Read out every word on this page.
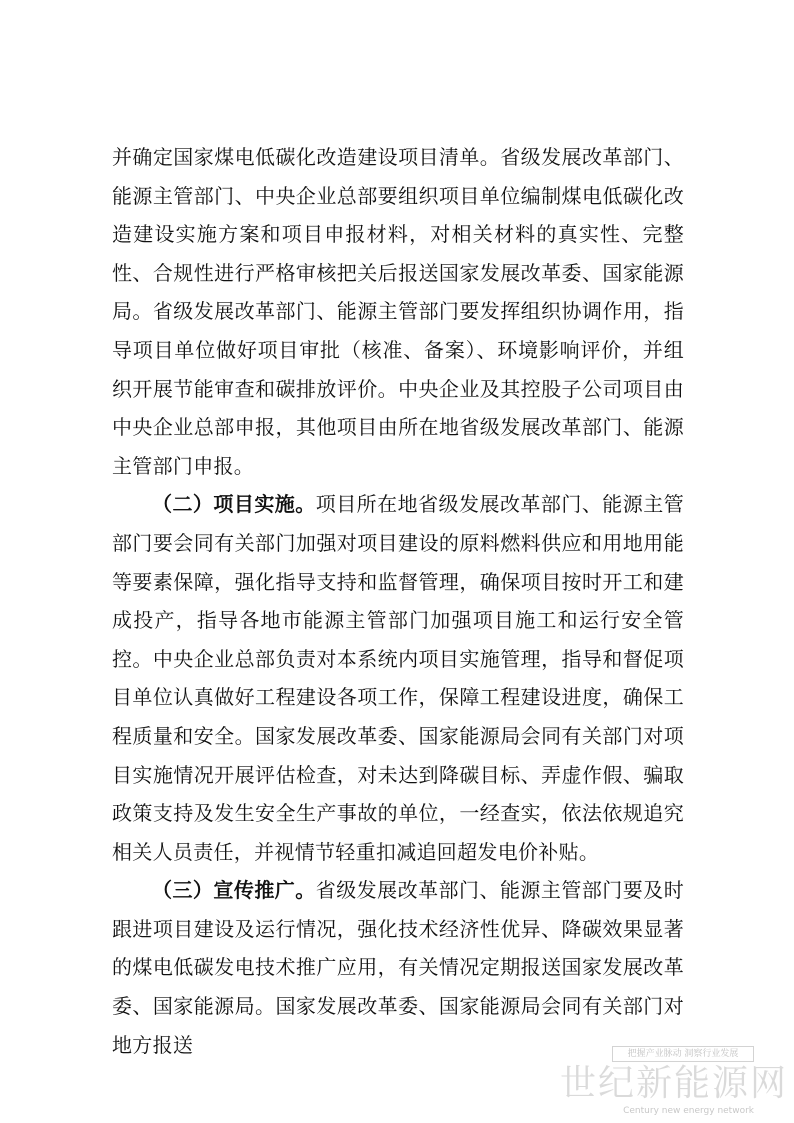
并确定国家煤电低碳化改造建设项目清单。省级发展改革部门、能源主管部门、中央企业总部要组织项目单位编制煤电低碳化改造建设实施方案和项目申报材料，对相关材料的真实性、完整性、合规性进行严格审核把关后报送国家发展改革委、国家能源局。省级发展改革部门、能源主管部门要发挥组织协调作用，指导项目单位做好项目审批（核准、备案）、环境影响评价，并组织开展节能审查和碳排放评价。中央企业及其控股子公司项目由中央企业总部申报，其他项目由所在地省级发展改革部门、能源主管部门申报。

（二）项目实施。项目所在地省级发展改革部门、能源主管部门要会同有关部门加强对项目建设的原料燃料供应和用地用能等要素保障，强化指导支持和监督管理，确保项目按时开工和建成投产，指导各地市能源主管部门加强项目施工和运行安全管控。中央企业总部负责对本系统内项目实施管理，指导和督促项目单位认真做好工程建设各项工作，保障工程建设进度，确保工程质量和安全。国家发展改革委、国家能源局会同有关部门对项目实施情况开展评估检查，对未达到降碳目标、弄虚作假、骗取政策支持及发生安全生产事故的单位，一经查实，依法依规追究相关人员责任，并视情节轻重扣减追回超发电价补贴。

（三）宣传推广。省级发展改革部门、能源主管部门要及时跟进项目建设及运行情况，强化技术经济性优异、降碳效果显著的煤电低碳发电技术推广应用，有关情况定期报送国家发展改革委、国家能源局。国家发展改革委、国家能源局会同有关部门对地方报送	把握产业脉动 洞察行业发展
世纪新能源网
Century new energy network
